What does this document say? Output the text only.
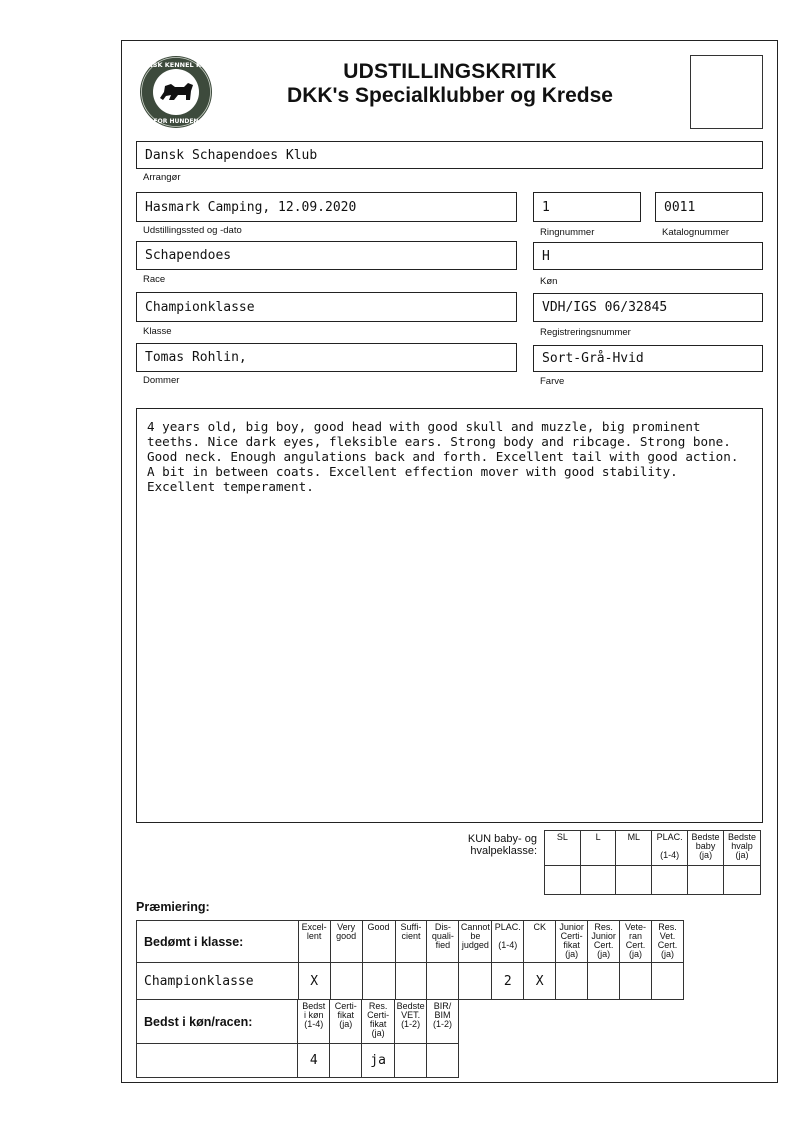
DANSK KENNEL KLUB
FOR HUNDEN
UDSTILLINGSKRITIK
DKK's Specialklubber og Kredse
Dansk Schapendoes Klub
Arrangør
Hasmark Camping, 12.09.2020
Udstillingssted og -dato
1
Ringnummer
0011
Katalognummer
Schapendoes
Race
H
Køn
Championklasse
Klasse
VDH/IGS 06/32845
Registreringsnummer
Tomas Rohlin,
Dommer
Sort-Grå-Hvid
Farve
4 years old, big boy, good head with good skull and muzzle, big prominent
teeths. Nice dark eyes, fleksible ears. Strong body and ribcage. Strong bone.
Good neck. Enough angulations back and forth. Excellent tail with good action.
A bit in between coats. Excellent effection mover with good stability.
Excellent temperament.
KUN baby- og hvalpeklasse:
SL	L	ML	PLAC.

(1-4)	Bedste
baby
(ja)	Bedste
hvalp
(ja)

Præmiering:
Bedømt i klasse:	Excel-
lent	Very
good	Good	Suffi-
cient	Dis-
quali-
fied	Cannot
be
judged	PLAC.

(1-4)	CK	Junior
Certi-
fikat
(ja)	Res.
Junior
Cert.
(ja)	Vete-
ran
Cert.
(ja)	Res.
Vet.
Cert.
(ja)
Championklasse	X						2	X				
Bedst i køn/racen:	Bedst
i køn
(1-4)	Certi-
fikat
(ja)	Res.
Certi-
fikat
(ja)	Bedste
VET.
(1-2)	BIR/
BIM
(1-2)
	4		ja		
